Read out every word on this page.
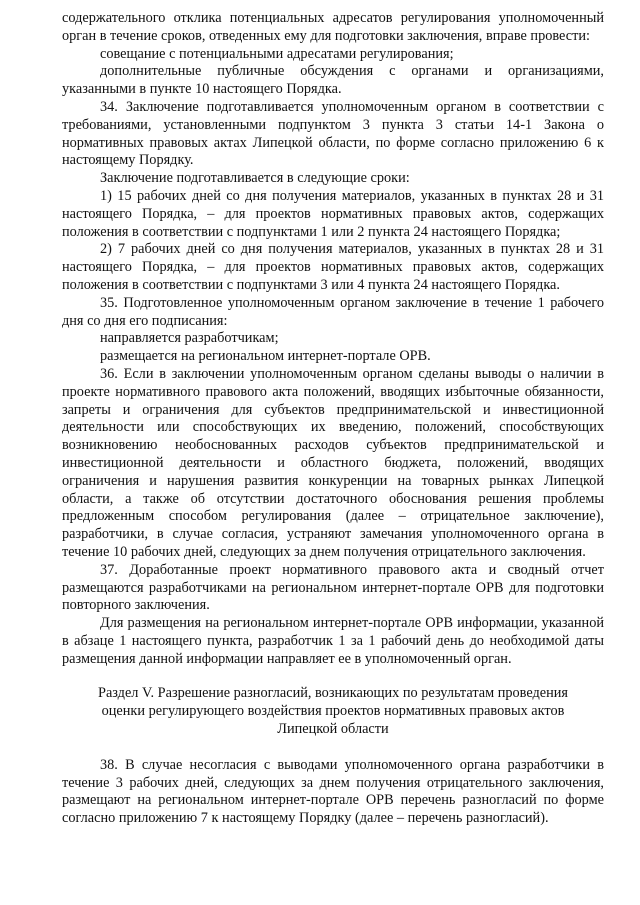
содержательного отклика потенциальных адресатов регулирования уполномоченный орган в течение сроков, отведенных ему для подготовки заключения, вправе провести:

совещание с потенциальными адресатами регулирования;

дополнительные публичные обсуждения с органами и организациями, указанными в пункте 10 настоящего Порядка.

34. Заключение подготавливается уполномоченным органом в соответствии с требованиями, установленными подпунктом 3 пункта 3 статьи 14-1 Закона о нормативных правовых актах Липецкой области, по форме согласно приложению 6 к настоящему Порядку.

Заключение подготавливается в следующие сроки:

1) 15 рабочих дней со дня получения материалов, указанных в пунктах 28 и 31 настоящего Порядка, – для проектов нормативных правовых актов, содержащих положения в соответствии с подпунктами 1 или 2 пункта 24 настоящего Порядка;

2) 7 рабочих дней со дня получения материалов, указанных в пунктах 28 и 31 настоящего Порядка, – для проектов нормативных правовых актов, содержащих положения в соответствии с подпунктами 3 или 4 пункта 24 настоящего Порядка.

35. Подготовленное уполномоченным органом заключение в течение 1 рабочего дня со дня его подписания:

направляется разработчикам;

размещается на региональном интернет-портале ОРВ.

36. Если в заключении уполномоченным органом сделаны выводы о наличии в проекте нормативного правового акта положений, вводящих избыточные обязанности, запреты и ограничения для субъектов предпринимательской и инвестиционной деятельности или способствующих их введению, положений, способствующих возникновению необоснованных расходов субъектов предпринимательской и инвестиционной деятельности и областного бюджета, положений, вводящих ограничения и нарушения развития конкуренции на товарных рынках Липецкой области, а также об отсутствии достаточного обоснования решения проблемы предложенным способом регулирования (далее – отрицательное заключение), разработчики, в случае согласия, устраняют замечания уполномоченного органа в течение 10 рабочих дней, следующих за днем получения отрицательного заключения.

37. Доработанные проект нормативного правового акта и сводный отчет размещаются разработчиками на региональном интернет-портале ОРВ для подготовки повторного заключения.

Для размещения на региональном интернет-портале ОРВ информации, указанной в абзаце 1 настоящего пункта, разработчик 1 за 1 рабочий день до необходимой даты размещения данной информации направляет ее в уполномоченный орган.

Раздел V. Разрешение разногласий, возникающих по результатам проведения оценки регулирующего воздействия проектов нормативных правовых актов Липецкой области

38. В случае несогласия с выводами уполномоченного органа разработчики в течение 3 рабочих дней, следующих за днем получения отрицательного заключения, размещают на региональном интернет-портале ОРВ перечень разногласий по форме согласно приложению 7 к настоящему Порядку (далее – перечень разногласий).
